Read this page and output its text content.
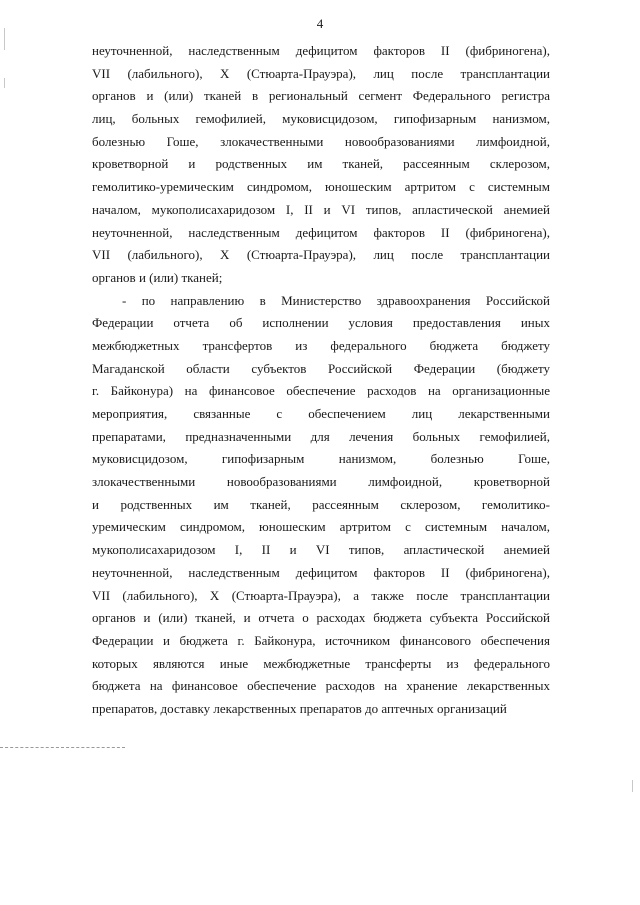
4
неуточненной, наследственным дефицитом факторов II (фибриногена),
VII (лабильного), X (Стюарта-Прауэра), лиц после трансплантации
органов и (или) тканей в региональный сегмент Федерального регистра
лиц, больных гемофилией, муковисцидозом, гипофизарным нанизмом,
болезнью Гоше, злокачественными новообразованиями лимфоидной,
кроветворной и родственных им тканей, рассеянным склерозом,
гемолитико-уремическим синдромом, юношеским артритом с системным
началом, мукополисахаридозом I, II и VI типов, апластической анемией
неуточненной, наследственным дефицитом факторов II (фибриногена),
VII (лабильного), X (Стюарта-Прауэра), лиц после трансплантации
органов и (или) тканей;
- по направлению в Министерство здравоохранения Российской
Федерации отчета об исполнении условия предоставления иных
межбюджетных трансфертов из федерального бюджета бюджету
Магаданской области субъектов Российской Федерации (бюджету
г. Байконура) на финансовое обеспечение расходов на организационные
мероприятия, связанные с обеспечением лиц лекарственными
препаратами, предназначенными для лечения больных гемофилией,
муковисцидозом, гипофизарным нанизмом, болезнью Гоше,
злокачественными новообразованиями лимфоидной, кроветворной
и родственных им тканей, рассеянным склерозом, гемолитико-
уремическим синдромом, юношеским артритом с системным началом,
мукополисахаридозом I, II и VI типов, апластической анемией
неуточненной, наследственным дефицитом факторов II (фибриногена),
VII (лабильного), X (Стюарта-Прауэра), а также после трансплантации
органов и (или) тканей, и отчета о расходах бюджета субъекта Российской
Федерации и бюджета г. Байконура, источником финансового обеспечения
которых являются иные межбюджетные трансферты из федерального
бюджета на финансовое обеспечение расходов на хранение лекарственных
препаратов, доставку лекарственных препаратов до аптечных организаций
